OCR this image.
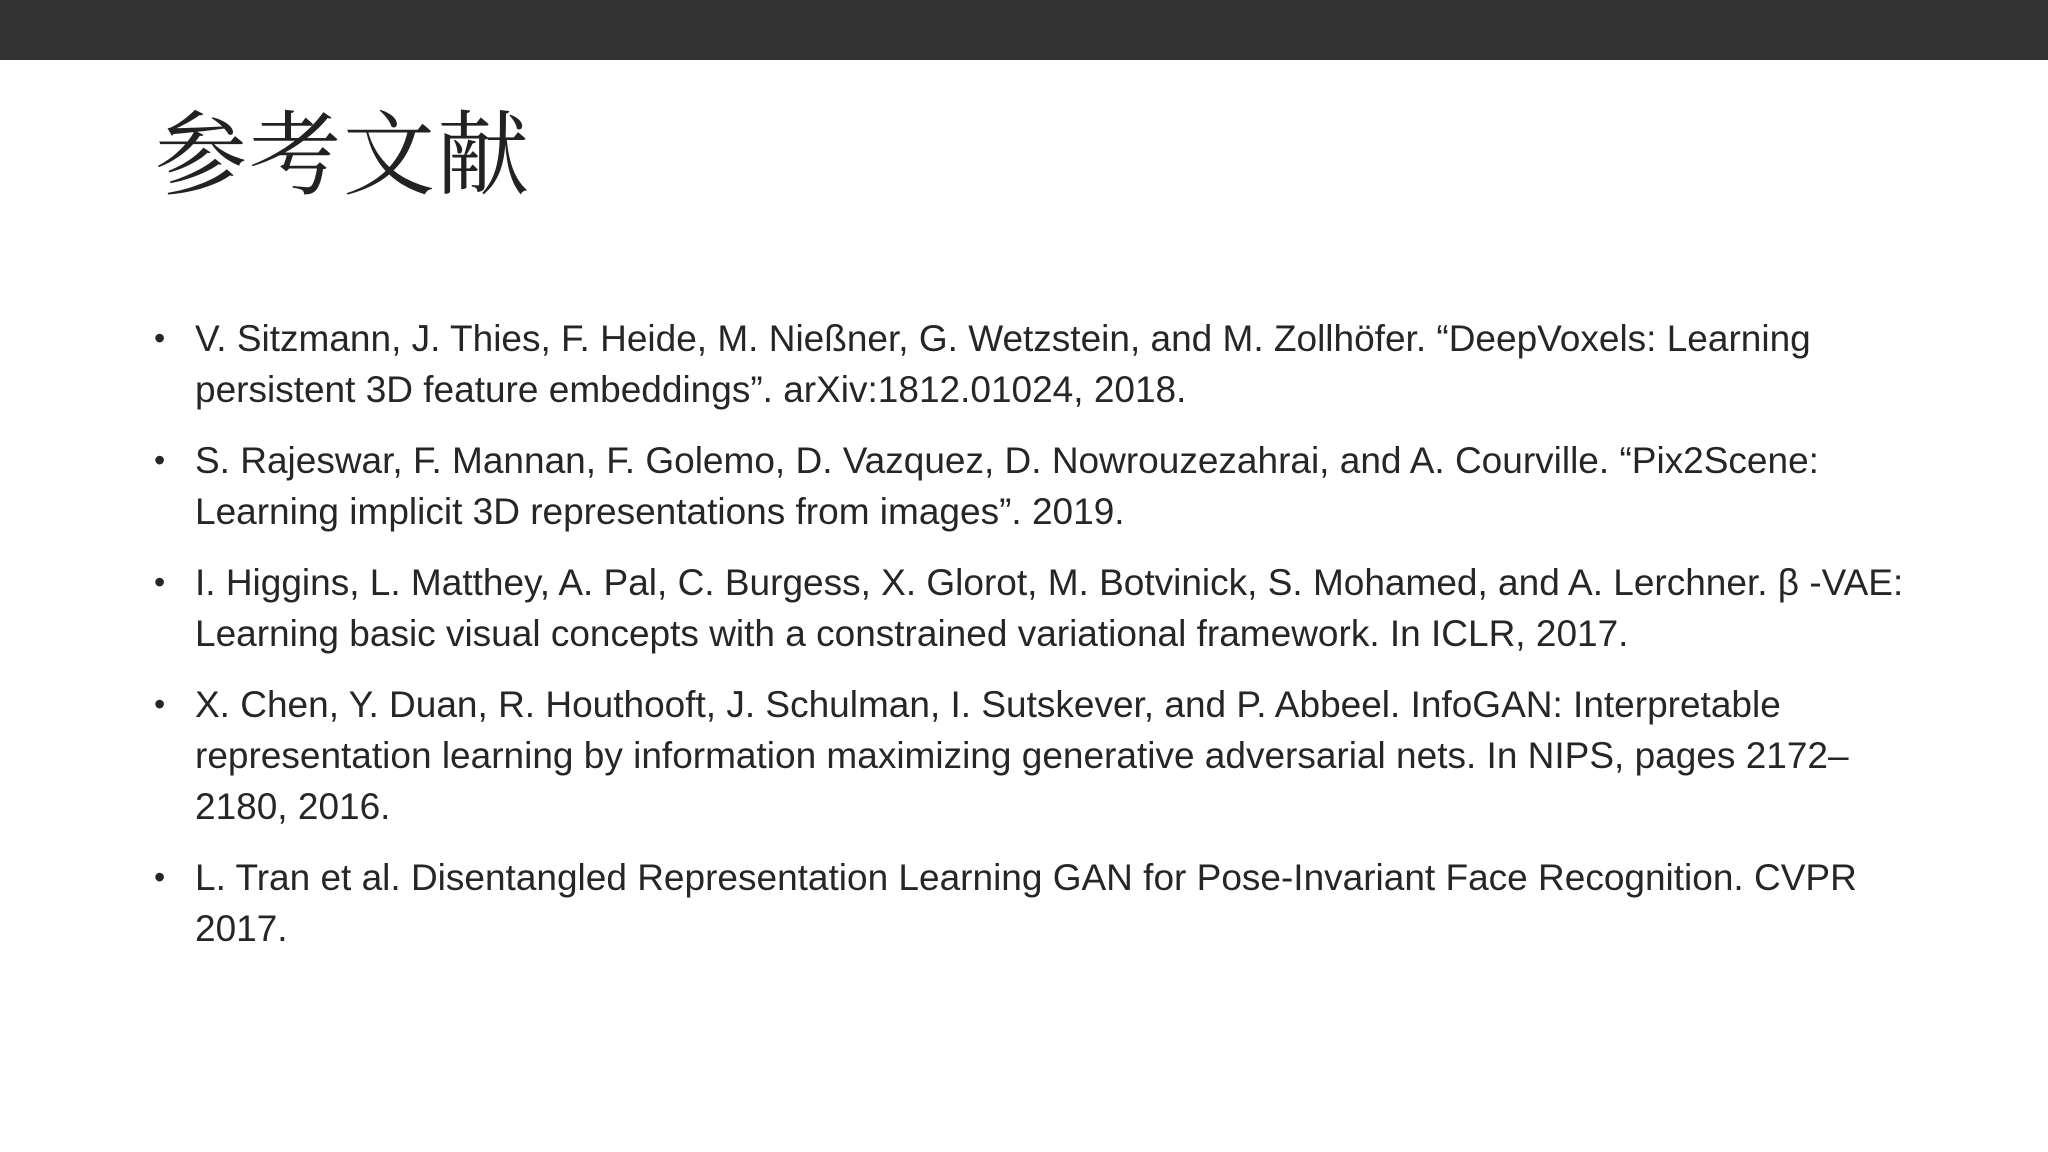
参考文献
• V. Sitzmann, J. Thies, F. Heide, M. Nießner, G. Wetzstein, and M. Zollhöfer. “DeepVoxels: Learning persistent 3D feature embeddings”. arXiv:1812.01024, 2018.
• S. Rajeswar, F. Mannan, F. Golemo, D. Vazquez, D. Nowrouzezahrai, and A. Courville. “Pix2Scene: Learning implicit 3D representations from images”. 2019.
• I. Higgins, L. Matthey, A. Pal, C. Burgess, X. Glorot, M. Botvinick, S. Mohamed, and A. Lerchner. β -VAE: Learning basic visual concepts with a constrained variational framework. In ICLR, 2017.
• X. Chen, Y. Duan, R. Houthooft, J. Schulman, I. Sutskever, and P. Abbeel. InfoGAN: Interpretable representation learning by information maximizing generative adversarial nets. In NIPS, pages 2172–2180, 2016.
• L. Tran et al. Disentangled Representation Learning GAN for Pose-Invariant Face Recognition. CVPR 2017.
